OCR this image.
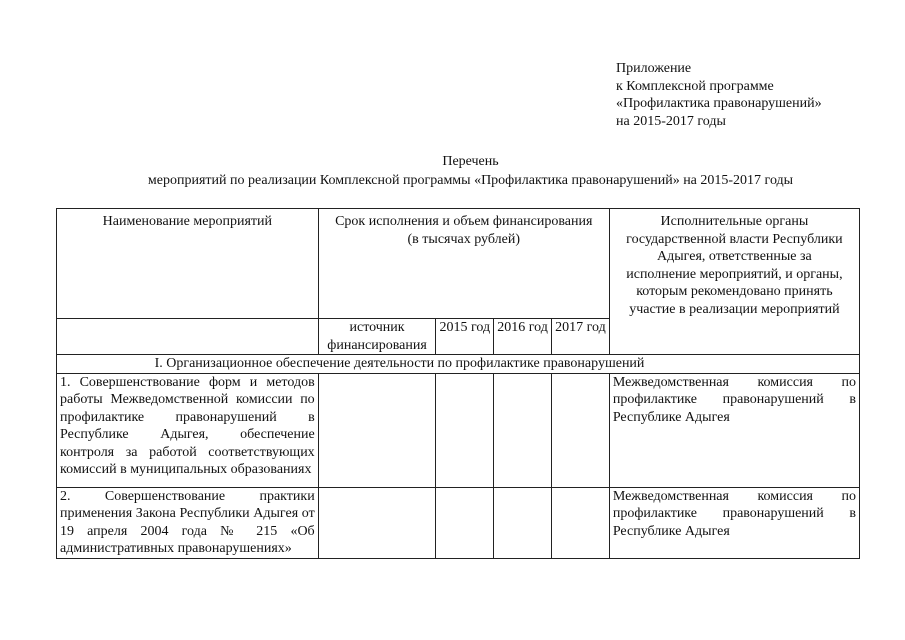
Приложение
к Комплексной программе
«Профилактика правонарушений»
на 2015-2017 годы
Перечень
мероприятий по реализации Комплексной программы «Профилактика правонарушений» на 2015-2017 годы
Наименование мероприятий	Срок исполнения и объем финансирования (в тысячах рублей)				Исполнительные органы государственной власти Республики Адыгея, ответственные за исполнение мероприятий, и органы, которым рекомендовано принять участие в реализации мероприятий

	источник финансирования	2015 год	2016 год	2017 год	
I. Организационное обеспечение деятельности по профилактике правонарушений					
1. Совершенствование форм и методов работы Межведомственной комиссии по профилактике правонарушений в Республике Адыгея, обеспечение контроля за работой соответствующих комиссий в муниципальных образованиях					Межведомственная комиссия по профилактике правонарушений в Республике Адыгея
2. Совершенствование практики применения Закона Республики Адыгея от 19 апреля 2004 года № 215 «Об административных правонарушениях»					Межведомственная комиссия по профилактике правонарушений в Республике Адыгея
